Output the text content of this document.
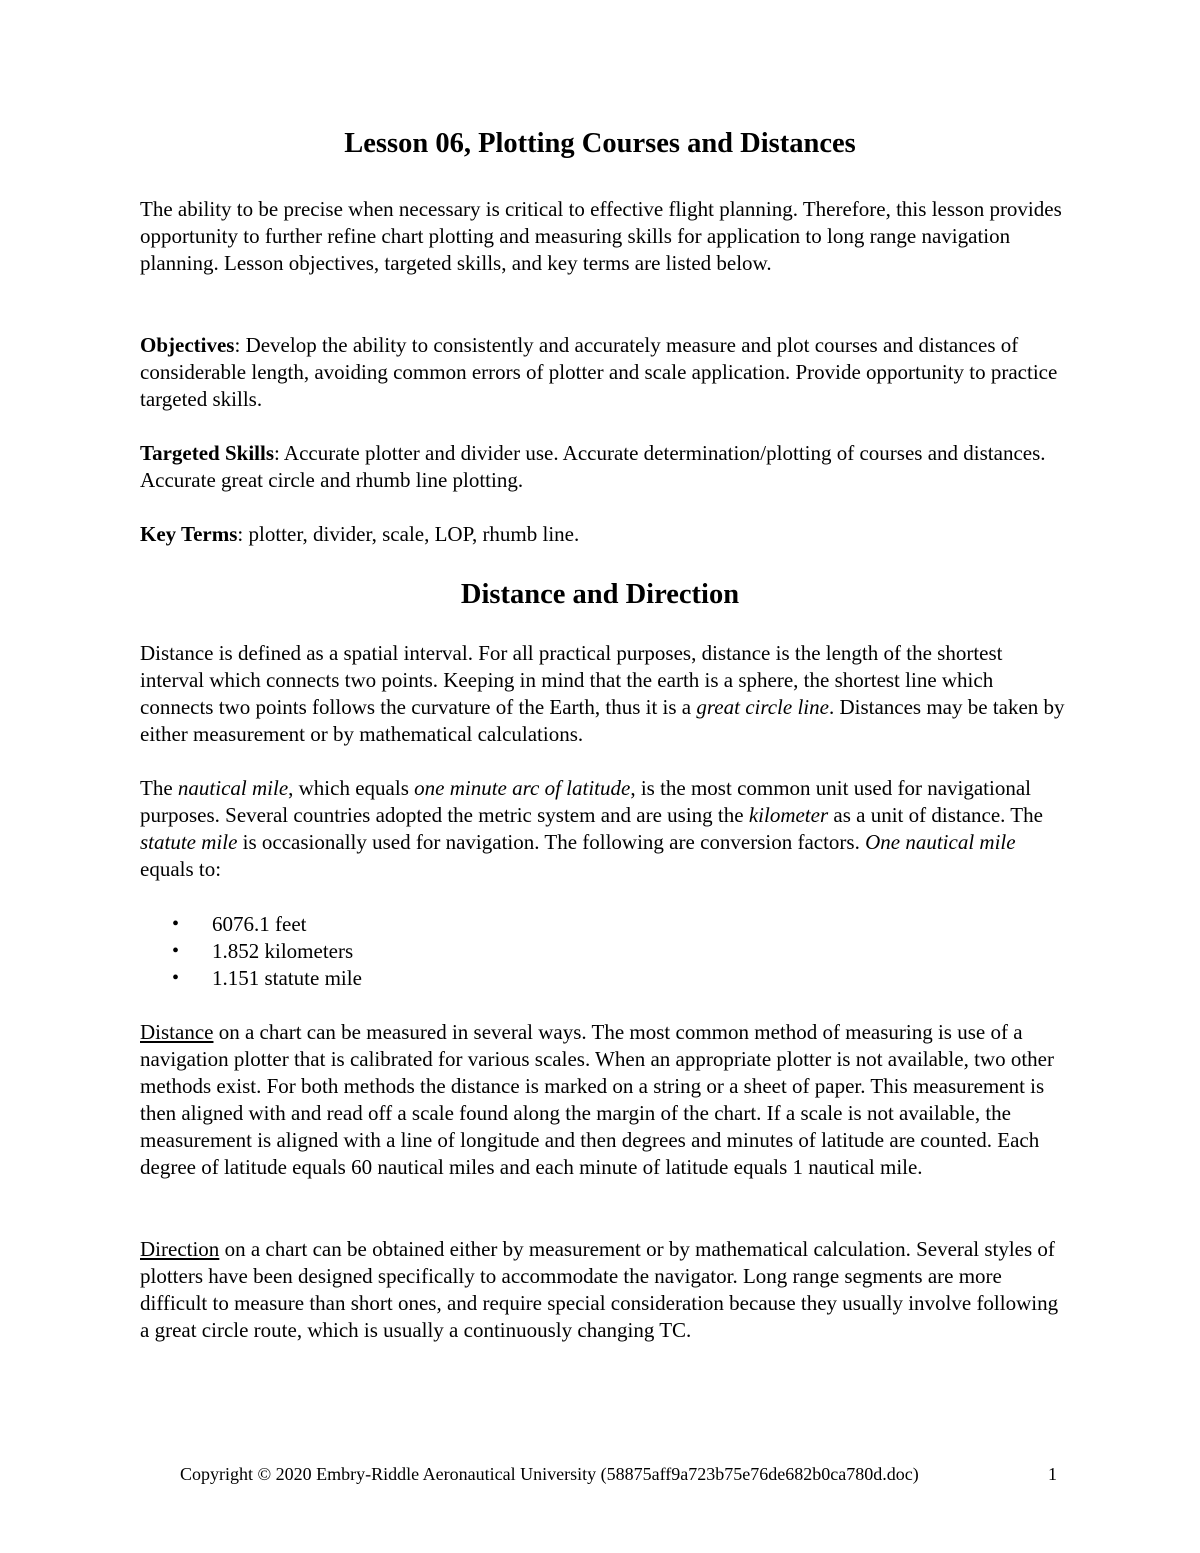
Lesson 06, Plotting Courses and Distances

The ability to be precise when necessary is critical to effective flight planning. Therefore, this lesson provides opportunity to further refine chart plotting and measuring skills for application to long range navigation planning. Lesson objectives, targeted skills, and key terms are listed below.

Objectives: Develop the ability to consistently and accurately measure and plot courses and distances of considerable length, avoiding common errors of plotter and scale application. Provide opportunity to practice targeted skills.

Targeted Skills: Accurate plotter and divider use. Accurate determination/plotting of courses and distances. Accurate great circle and rhumb line plotting.

Key Terms: plotter, divider, scale, LOP, rhumb line.

Distance and Direction

Distance is defined as a spatial interval. For all practical purposes, distance is the length of the shortest interval which connects two points. Keeping in mind that the earth is a sphere, the shortest line which connects two points follows the curvature of the Earth, thus it is a great circle line. Distances may be taken by either measurement or by mathematical calculations.

The nautical mile, which equals one minute arc of latitude, is the most common unit used for navigational purposes. Several countries adopted the metric system and are using the kilometer as a unit of distance. The statute mile is occasionally used for navigation. The following are conversion factors. One nautical mile equals to:

• 6076.1 feet
• 1.852 kilometers
• 1.151 statute mile

Distance on a chart can be measured in several ways. The most common method of measuring is use of a navigation plotter that is calibrated for various scales. When an appropriate plotter is not available, two other methods exist. For both methods the distance is marked on a string or a sheet of paper. This measurement is then aligned with and read off a scale found along the margin of the chart. If a scale is not available, the measurement is aligned with a line of longitude and then degrees and minutes of latitude are counted. Each degree of latitude equals 60 nautical miles and each minute of latitude equals 1 nautical mile.

Direction on a chart can be obtained either by measurement or by mathematical calculation. Several styles of plotters have been designed specifically to accommodate the navigator. Long range segments are more difficult to measure than short ones, and require special consideration because they usually involve following a great circle route, which is usually a continuously changing TC.

Copyright © 2020 Embry-Riddle Aeronautical University (58875aff9a723b75e76de682b0ca780d.doc)	1
